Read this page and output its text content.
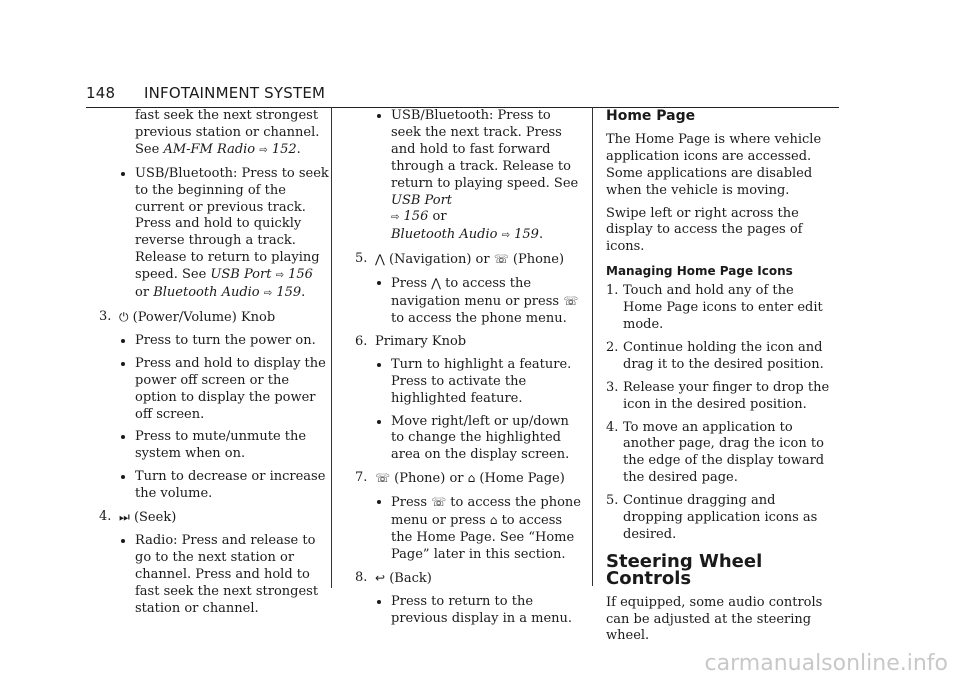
148 INFOTAINMENT SYSTEM

fast seek the next strongest previous station or channel. See AM-FM Radio ⇨ 152.

USB/Bluetooth: Press to seek to the beginning of the current or previous track. Press and hold to quickly reverse through a track. Release to return to playing speed. See USB Port ⇨ 156 or Bluetooth Audio ⇨ 159.
3. ⏻ (Power/Volume) Knob
Press to turn the power on.
Press and hold to display the power off screen or the option to display the power off screen.
Press to mute/unmute the system when on.
Turn to decrease or increase the volume.
4. ⏭ (Seek)
Radio: Press and release to go to the next station or channel. Press and hold to fast seek the next strongest station or channel.
USB/Bluetooth: Press to seek the next track. Press and hold to fast forward through a track. Release to return to playing speed. See USB Port
⇨ 156 or
Bluetooth Audio ⇨ 159.
5. ⋀ (Navigation) or ☏ (Phone)
Press ⋀ to access the navigation menu or press ☏ to access the phone menu.
6. Primary Knob
Turn to highlight a feature. Press to activate the highlighted feature.
Move right/left or up/down to change the highlighted area on the display screen.
7. ☏ (Phone) or ⌂ (Home Page)
Press ☏ to access the phone menu or press ⌂ to access the Home Page. See “Home Page” later in this section.
8. ↩ (Back)
Press to return to the previous display in a menu.
Home Page

The Home Page is where vehicle application icons are accessed. Some applications are disabled when the vehicle is moving.

Swipe left or right across the display to access the pages of icons.

Managing Home Page Icons
1. Touch and hold any of the Home Page icons to enter edit mode.
2. Continue holding the icon and drag it to the desired position.
3. Release your finger to drop the icon in the desired position.
4. To move an application to another page, drag the icon to the edge of the display toward the desired page.
5. Continue dragging and dropping application icons as desired.
Steering Wheel Controls

If equipped, some audio controls can be adjusted at the steering wheel.

carmanualsonline.info
